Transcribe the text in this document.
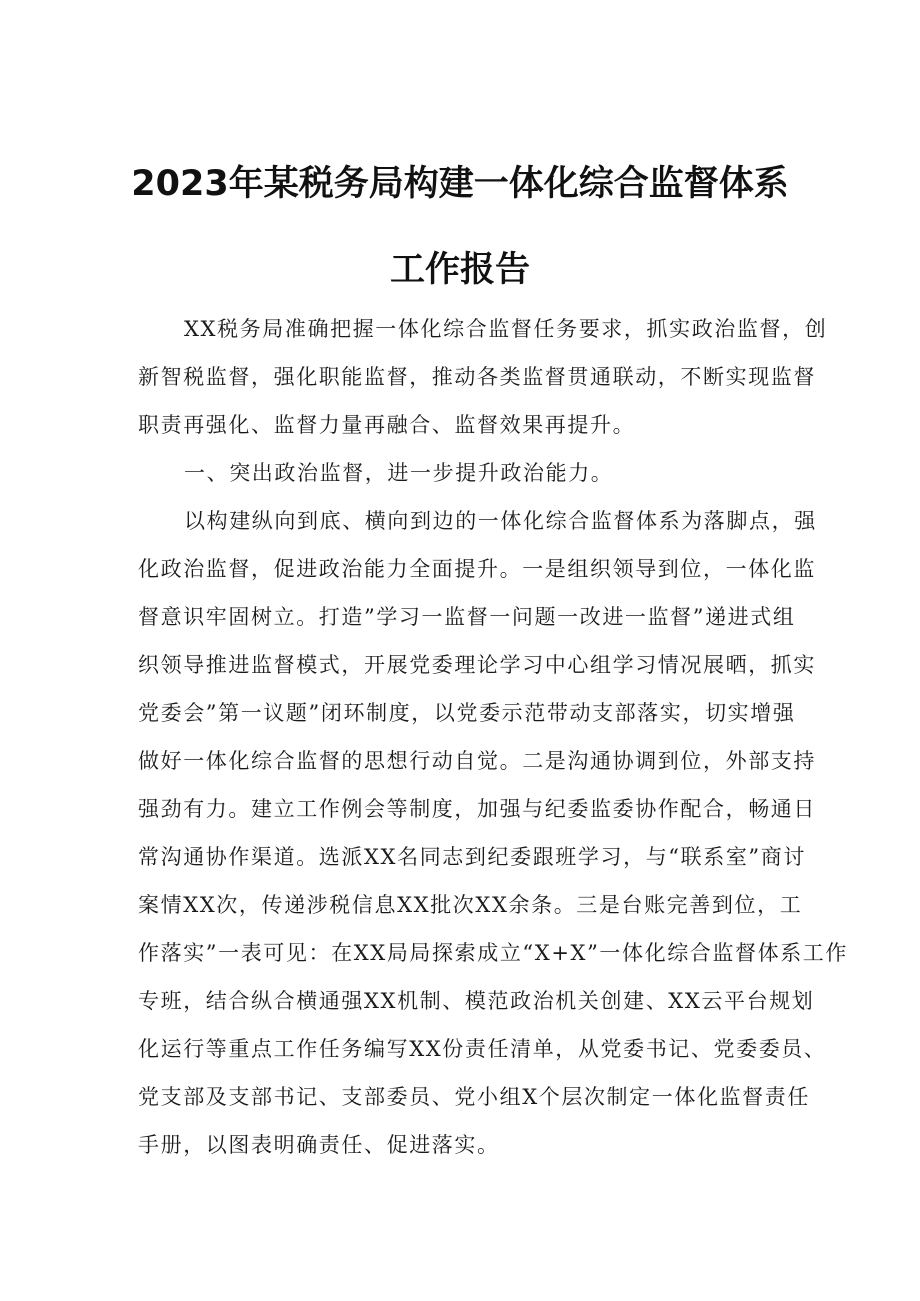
2023年某税务局构建一体化综合监督体系
工作报告
XX税务局准确把握一体化综合监督任务要求，抓实政治监督，创
新智税监督，强化职能监督，推动各类监督贯通联动，不断实现监督
职责再强化、监督力量再融合、监督效果再提升。
一、突出政治监督，进一步提升政治能力。
以构建纵向到底、横向到边的一体化综合监督体系为落脚点，强
化政治监督，促进政治能力全面提升。一是组织领导到位，一体化监
督意识牢固树立。打造”学习一监督一问题一改进一监督”递进式组
织领导推进监督模式，开展党委理论学习中心组学习情况展晒，抓实
党委会”第一议题”闭环制度，以党委示范带动支部落实，切实增强
做好一体化综合监督的思想行动自觉。二是沟通协调到位，外部支持
强劲有力。建立工作例会等制度，加强与纪委监委协作配合，畅通日
常沟通协作渠道。选派XX名同志到纪委跟班学习，与“联系室”商讨
案情XX次，传递涉税信息XX批次XX余条。三是台账完善到位，工
作落实”一表可见：在XX局局探索成立“X+X”一体化综合监督体系工作
专班，结合纵合横通强XX机制、模范政治机关创建、XX云平台规划
化运行等重点工作任务编写XX份责任清单，从党委书记、党委委员、
党支部及支部书记、支部委员、党小组X个层次制定一体化监督责任
手册，以图表明确责任、促进落实。
